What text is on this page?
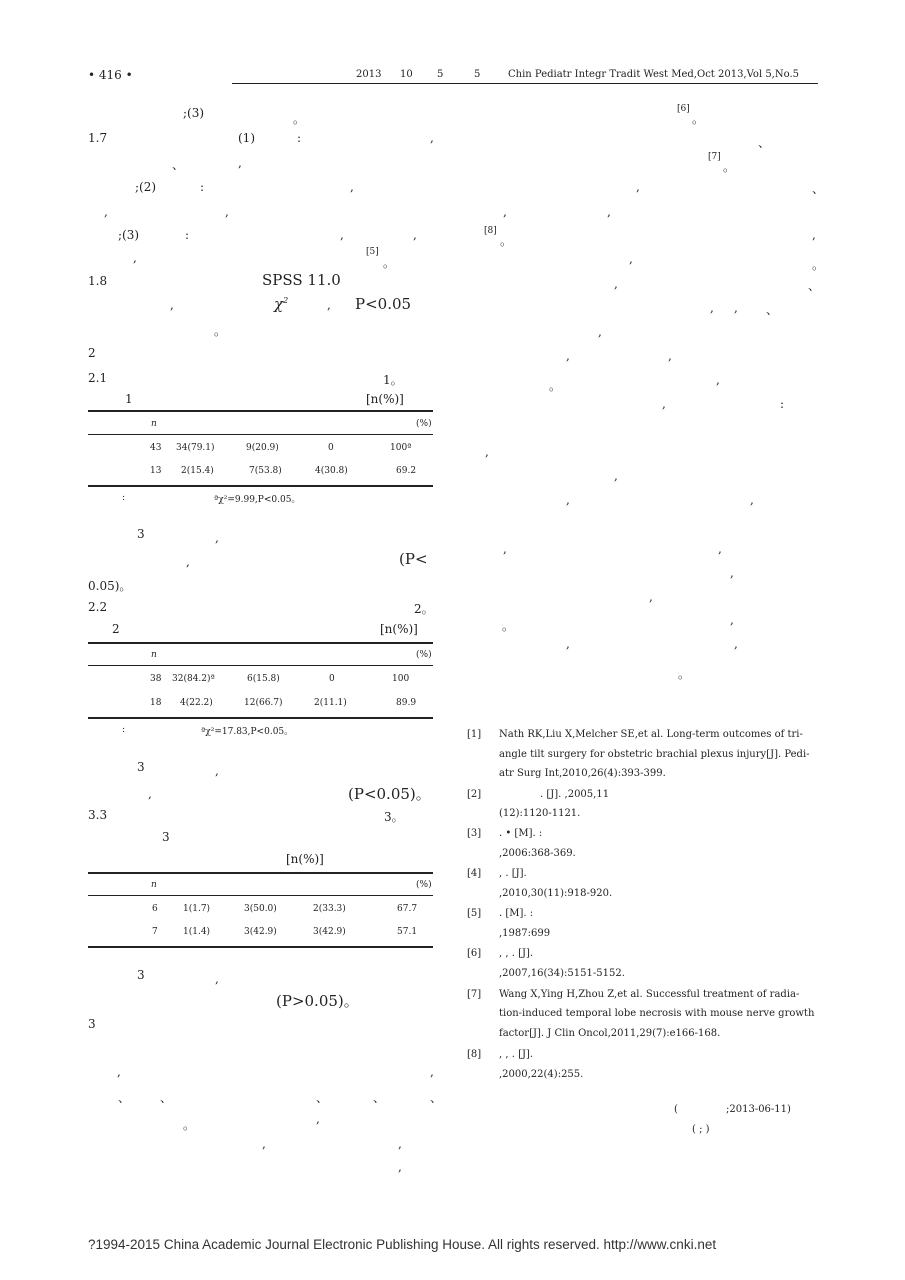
• 416 •	2013 10 5	5	Chin Pediatr Integr Tradit West Med,Oct 2013,Vol 5,No.5
;(3)	。
1.7	(1)	:	,
、	,
;(2)	:	,
,	,
;(3)	:	,	,
,	[5]
。
1.8	SPSS 11.0
,	$\chi^2$	, P<0.05
。
2
2.1	1。
1	[n(%)]
n	(%)
43 34(79.1)	9(20.9)	0	100ª
13 2(15.4)	7(53.8)	4(30.8)	69.2
:	ªχ²=9.99,P<0.05。
3	,
,	(P<
0.05)。
2.2	2。
2	[n(%)]
n	(%)
38 32(84.2)ª	6(15.8)	0	100
18 4(22.2)	12(66.7)	2(11.1)	89.9
:	ªχ²=17.83,P<0.05。
3	,
,	(P<0.05)。
3.3	3。
3
[n(%)]
n	(%)
6	1(1.7)	3(50.0)	2(33.3)	67.7
7	1(1.4)	3(42.9)	3(42.9)	57.1
3	,
(P>0.05)。
3
,	,
、 、	、	、	、
。	,
,	,
,
[6]
。
、
[7]
。
,	、
,	,
[8]
。	,
,	。
,	、
, , 、
,
,	,
。	,
,	:
,
,
,	,
,	,
,
,
。	,
,	,
。
[1] Nath RK,Liu X,Melcher SE,et al. Long-term outcomes of tri-
angle tilt surgery for obstetric brachial plexus injury[J]. Pedi-
atr Surg Int,2010,26(4):393-399.
[2]	. [J]. ,2005,11
(12):1120-1121.
[3] . • [M]. :
,2006:368-369.
[4] , . [J].
,2010,30(11):918-920.
[5] . [M]. :
,1987:699
[6] , , . [J].
,2007,16(34):5151-5152.
[7] Wang X,Ying H,Zhou Z,et al. Successful treatment of radia-
tion-induced temporal lobe necrosis with mouse nerve growth
factor[J]. J Clin Oncol,2011,29(7):e166-168.
[8] , , . [J].
,2000,22(4):255.
(	;2013-06-11)
( ; )
?1994-2015 China Academic Journal Electronic Publishing House. All rights reserved. http://www.cnki.net
